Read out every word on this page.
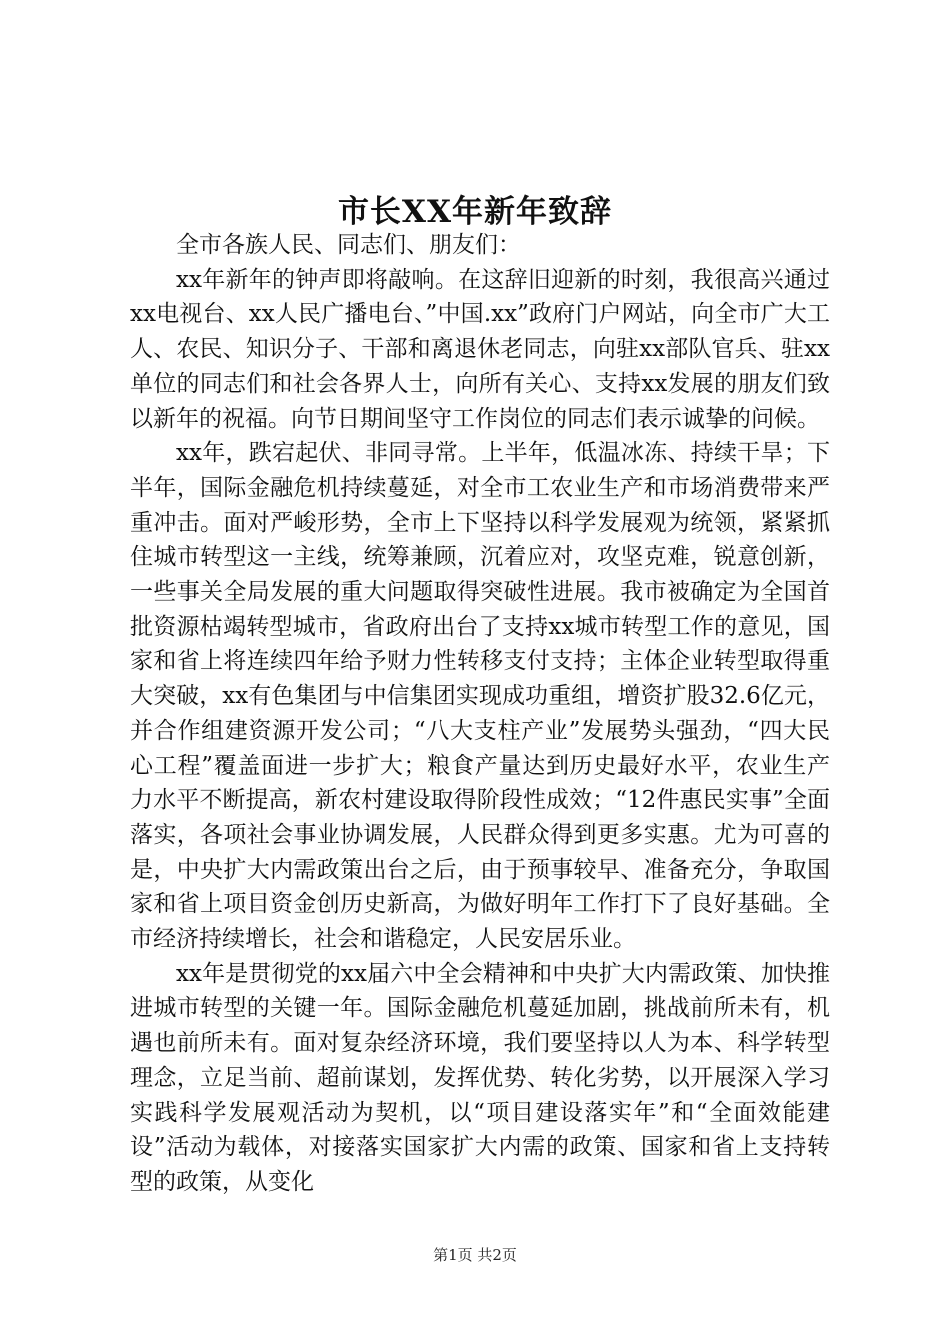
市长XX年新年致辞

全市各族人民、同志们、朋友们：

xx年新年的钟声即将敲响。在这辞旧迎新的时刻，我很高兴通过xx电视台、xx人民广播电台、”中国.xx”政府门户网站，向全市广大工人、农民、知识分子、干部和离退休老同志，向驻xx部队官兵、驻xx单位的同志们和社会各界人士，向所有关心、支持xx发展的朋友们致以新年的祝福。向节日期间坚守工作岗位的同志们表示诚挚的问候。

xx年，跌宕起伏、非同寻常。上半年，低温冰冻、持续干旱；下半年，国际金融危机持续蔓延，对全市工农业生产和市场消费带来严重冲击。面对严峻形势，全市上下坚持以科学发展观为统领，紧紧抓住城市转型这一主线，统筹兼顾，沉着应对，攻坚克难，锐意创新，一些事关全局发展的重大问题取得突破性进展。我市被确定为全国首批资源枯竭转型城市，省政府出台了支持xx城市转型工作的意见，国家和省上将连续四年给予财力性转移支付支持；主体企业转型取得重大突破，xx有色集团与中信集团实现成功重组，增资扩股32.6亿元，并合作组建资源开发公司；“八大支柱产业”发展势头强劲，“四大民心工程”覆盖面进一步扩大；粮食产量达到历史最好水平，农业生产力水平不断提高，新农村建设取得阶段性成效；“12件惠民实事”全面落实，各项社会事业协调发展，人民群众得到更多实惠。尤为可喜的是，中央扩大内需政策出台之后，由于预事较早、准备充分，争取国家和省上项目资金创历史新高，为做好明年工作打下了良好基础。全市经济持续增长，社会和谐稳定，人民安居乐业。

xx年是贯彻党的xx届六中全会精神和中央扩大内需政策、加快推进城市转型的关键一年。国际金融危机蔓延加剧，挑战前所未有，机遇也前所未有。面对复杂经济环境，我们要坚持以人为本、科学转型理念，立足当前、超前谋划，发挥优势、转化劣势，以开展深入学习实践科学发展观活动为契机，以“项目建设落实年”和“全面效能建设”活动为载体，对接落实国家扩大内需的政策、国家和省上支持转型的政策，从变化

第1页 共2页
